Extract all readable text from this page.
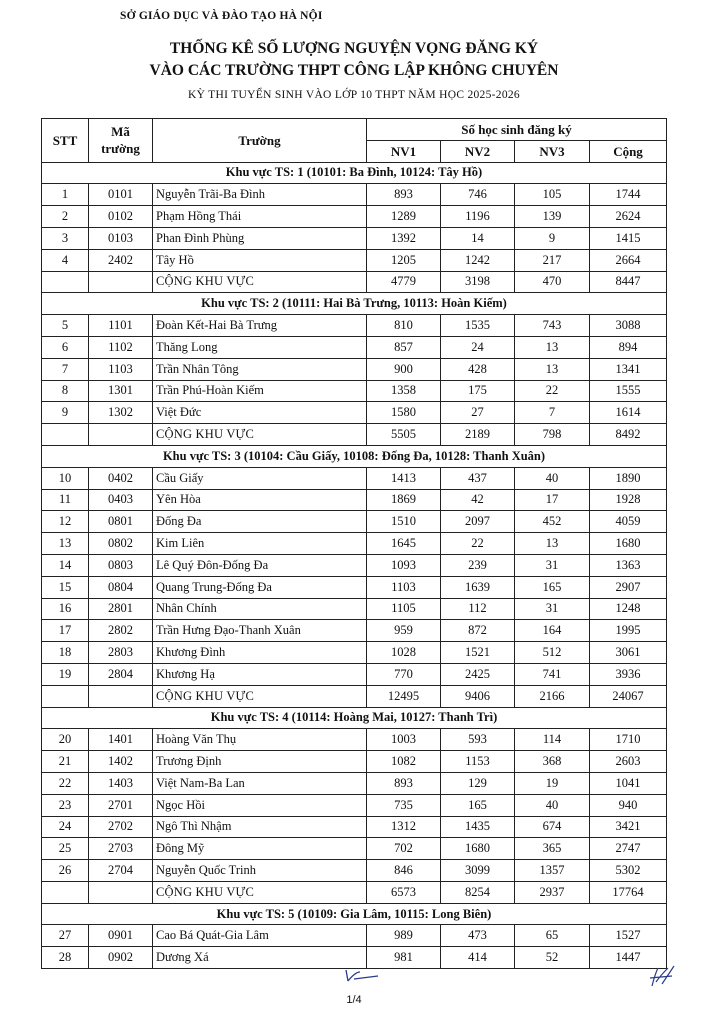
SỞ GIÁO DỤC VÀ ĐÀO TẠO HÀ NỘI
THỐNG KÊ SỐ LƯỢNG NGUYỆN VỌNG ĐĂNG KÝ
VÀO CÁC TRƯỜNG THPT CÔNG LẬP KHÔNG CHUYÊN
KỲ THI TUYỂN SINH VÀO LỚP 10 THPT NĂM HỌC 2025-2026
STT	Mã trường	Trường	Số học sinh đăng ký			
			NV1	NV2	NV3	Cộng
Khu vực TS: 1 (10101: Ba Đình, 10124: Tây Hồ)						
1	0101	Nguyễn Trãi-Ba Đình	893	746	105	1744
2	0102	Phạm Hồng Thái	1289	1196	139	2624
3	0103	Phan Đình Phùng	1392	14	9	1415
4	2402	Tây Hồ	1205	1242	217	2664
		CỘNG KHU VỰC	4779	3198	470	8447
Khu vực TS: 2 (10111: Hai Bà Trưng, 10113: Hoàn Kiếm)						
5	1101	Đoàn Kết-Hai Bà Trưng	810	1535	743	3088
6	1102	Thăng Long	857	24	13	894
7	1103	Trần Nhân Tông	900	428	13	1341
8	1301	Trần Phú-Hoàn Kiếm	1358	175	22	1555
9	1302	Việt Đức	1580	27	7	1614
		CỘNG KHU VỰC	5505	2189	798	8492
Khu vực TS: 3 (10104: Cầu Giấy, 10108: Đống Đa, 10128: Thanh Xuân)						
10	0402	Cầu Giấy	1413	437	40	1890
11	0403	Yên Hòa	1869	42	17	1928
12	0801	Đống Đa	1510	2097	452	4059
13	0802	Kim Liên	1645	22	13	1680
14	0803	Lê Quý Đôn-Đống Đa	1093	239	31	1363
15	0804	Quang Trung-Đống Đa	1103	1639	165	2907
16	2801	Nhân Chính	1105	112	31	1248
17	2802	Trần Hưng Đạo-Thanh Xuân	959	872	164	1995
18	2803	Khương Đình	1028	1521	512	3061
19	2804	Khương Hạ	770	2425	741	3936
		CỘNG KHU VỰC	12495	9406	2166	24067
Khu vực TS: 4 (10114: Hoàng Mai, 10127: Thanh Trì)						
20	1401	Hoàng Văn Thụ	1003	593	114	1710
21	1402	Trương Định	1082	1153	368	2603
22	1403	Việt Nam-Ba Lan	893	129	19	1041
23	2701	Ngọc Hồi	735	165	40	940
24	2702	Ngô Thì Nhậm	1312	1435	674	3421
25	2703	Đông Mỹ	702	1680	365	2747
26	2704	Nguyễn Quốc Trinh	846	3099	1357	5302
		CỘNG KHU VỰC	6573	8254	2937	17764
Khu vực TS: 5 (10109: Gia Lâm, 10115: Long Biên)						
27	0901	Cao Bá Quát-Gia Lâm	989	473	65	1527
28	0902	Dương Xá	981	414	52	1447
1/4
